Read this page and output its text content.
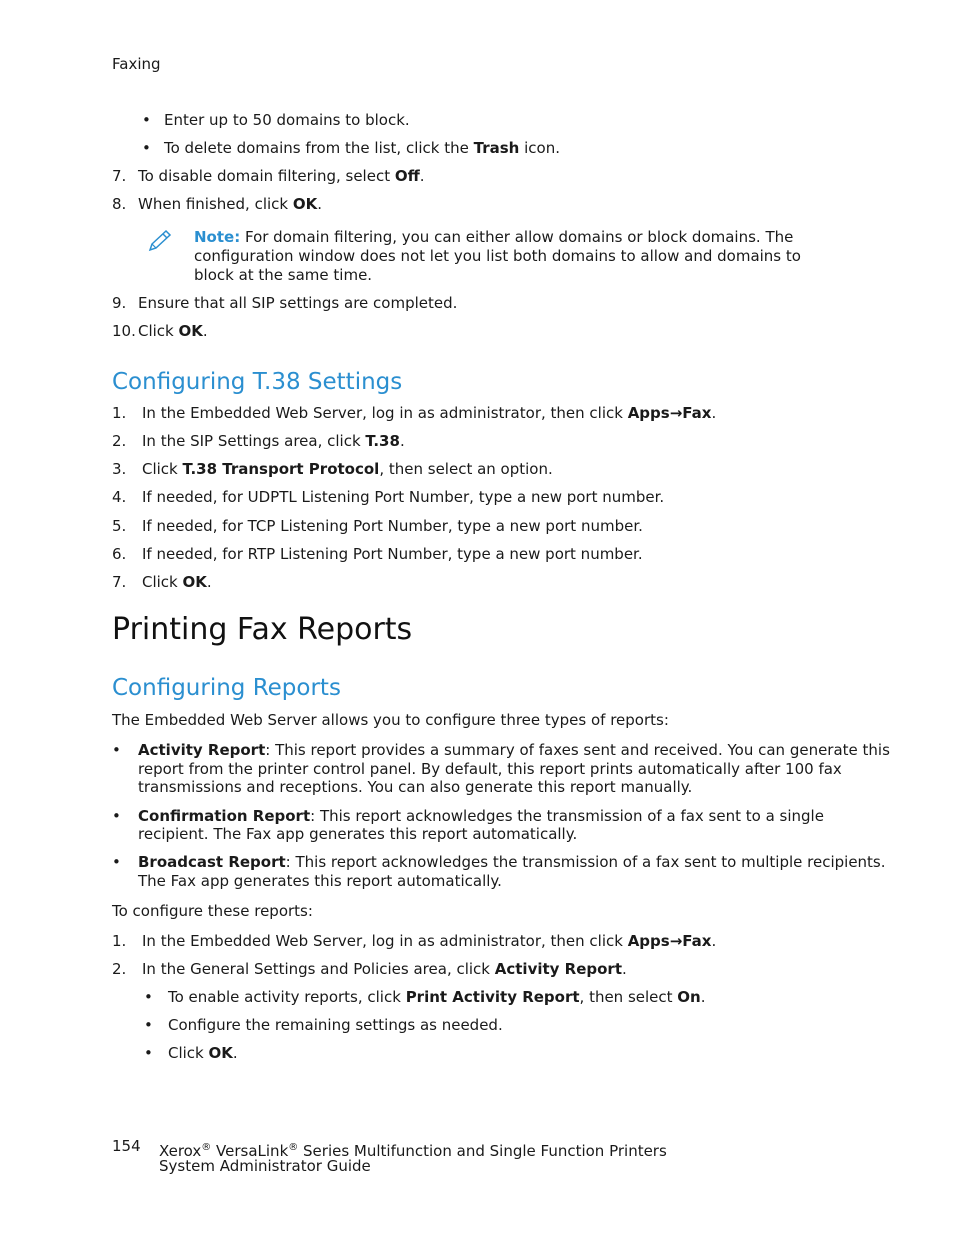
Faxing
• Enter up to 50 domains to block.
• To delete domains from the list, click the Trash icon.
7. To disable domain filtering, select Off.
8. When finished, click OK.
Note: For domain filtering, you can either allow domains or block domains. The
configuration window does not let you list both domains to allow and domains to
block at the same time.
9. Ensure that all SIP settings are completed.
10. Click OK.
Configuring T.38 Settings
1. In the Embedded Web Server, log in as administrator, then click Apps→Fax.
2. In the SIP Settings area, click T.38.
3. Click T.38 Transport Protocol, then select an option.
4. If needed, for UDPTL Listening Port Number, type a new port number.
5. If needed, for TCP Listening Port Number, type a new port number.
6. If needed, for RTP Listening Port Number, type a new port number.
7. Click OK.
Printing Fax Reports
Configuring Reports
The Embedded Web Server allows you to configure three types of reports:
• Activity Report: This report provides a summary of faxes sent and received. You can generate this
report from the printer control panel. By default, this report prints automatically after 100 fax
transmissions and receptions. You can also generate this report manually.
• Confirmation Report: This report acknowledges the transmission of a fax sent to a single
recipient. The Fax app generates this report automatically.
• Broadcast Report: This report acknowledges the transmission of a fax sent to multiple recipients.
The Fax app generates this report automatically.
To configure these reports:
1. In the Embedded Web Server, log in as administrator, then click Apps→Fax.
2. In the General Settings and Policies area, click Activity Report.
• To enable activity reports, click Print Activity Report, then select On.
• Configure the remaining settings as needed.
• Click OK.
154 Xerox® VersaLink® Series Multifunction and Single Function Printers
System Administrator Guide
